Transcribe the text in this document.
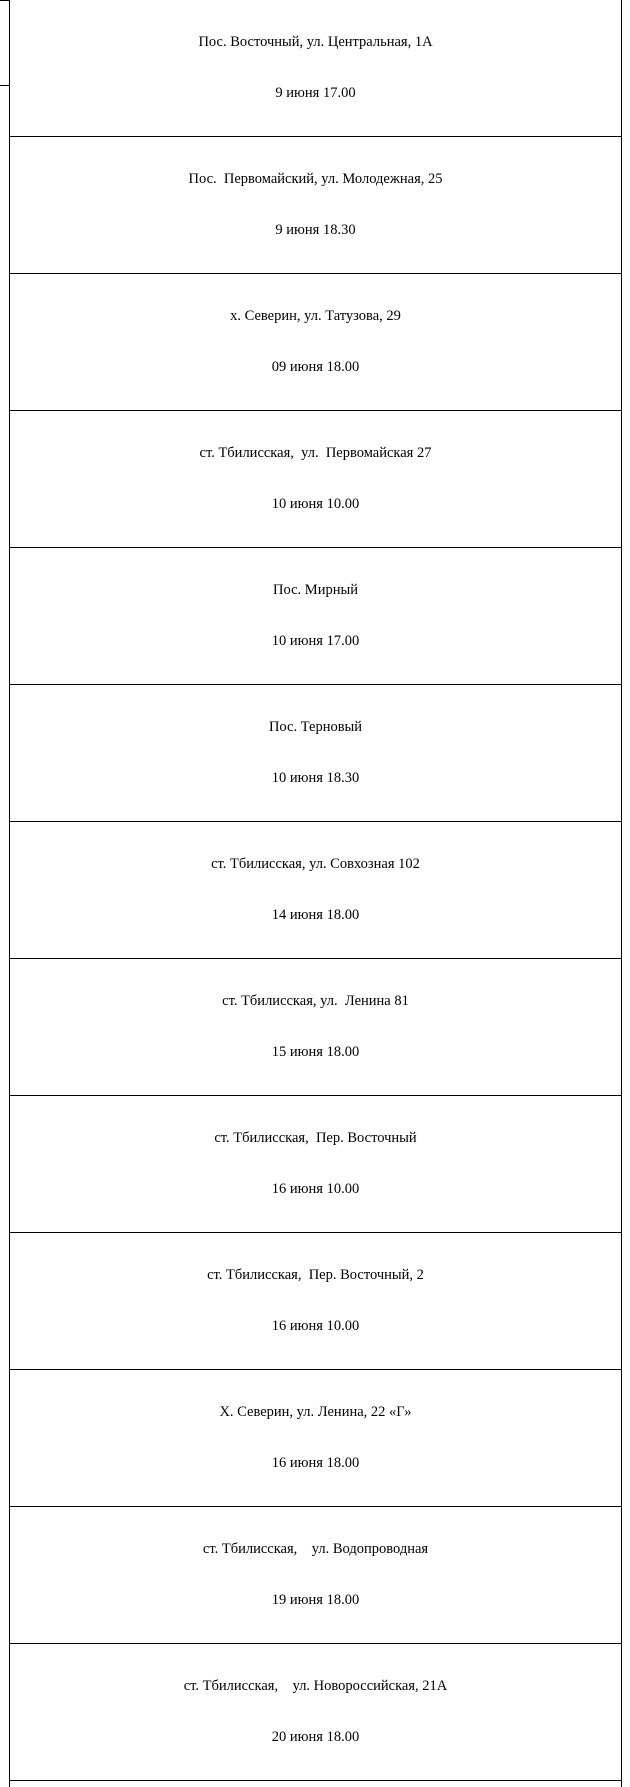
Пос. Восточный, ул. Центральная, 1А

9 июня 17.00

Пос.  Первомайский, ул. Молодежная, 25

9 июня 18.30

х. Северин, ул. Татузова, 29

09 июня 18.00

ст. Тбилисская,  ул.  Первомайская 27

10 июня 10.00

Пос. Мирный

10 июня 17.00

Пос. Терновый

10 июня 18.30

ст. Тбилисская, ул. Совхозная 102

14 июня 18.00

ст. Тбилисская, ул.  Ленина 81

15 июня 18.00

ст. Тбилисская,  Пер. Восточный

16 июня 10.00

ст. Тбилисская,  Пер. Восточный, 2

16 июня 10.00

Х. Северин, ул. Ленина, 22 «Г»

16 июня 18.00

ст. Тбилисская,    ул. Водопроводная

19 июня 18.00

ст. Тбилисская,    ул. Новороссийская, 21А

20 июня 18.00
